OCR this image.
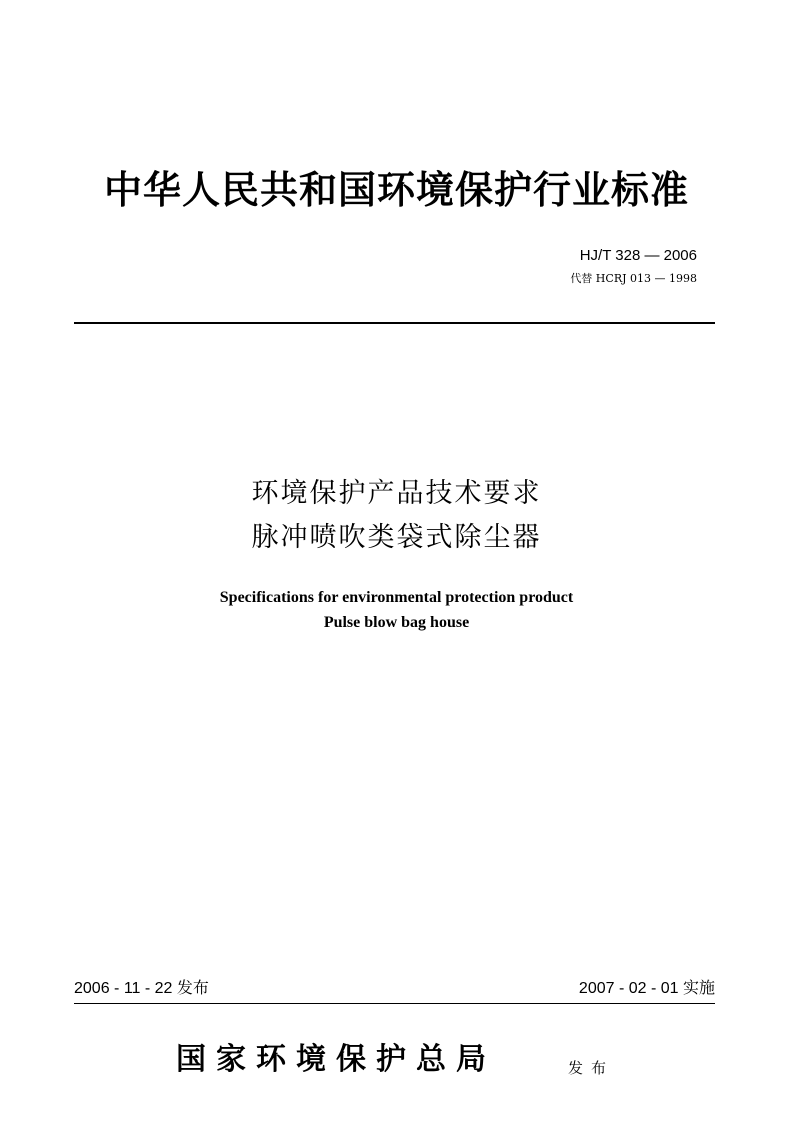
中华人民共和国环境保护行业标准
HJ/T 328 — 2006
代替 HCRJ 013 — 1998
环境保护产品技术要求
脉冲喷吹类袋式除尘器
Specifications for environmental protection product
Pulse blow bag house
2006 - 11 - 22 发布	2007 - 02 - 01 实施
国家环境保护总局	发布
